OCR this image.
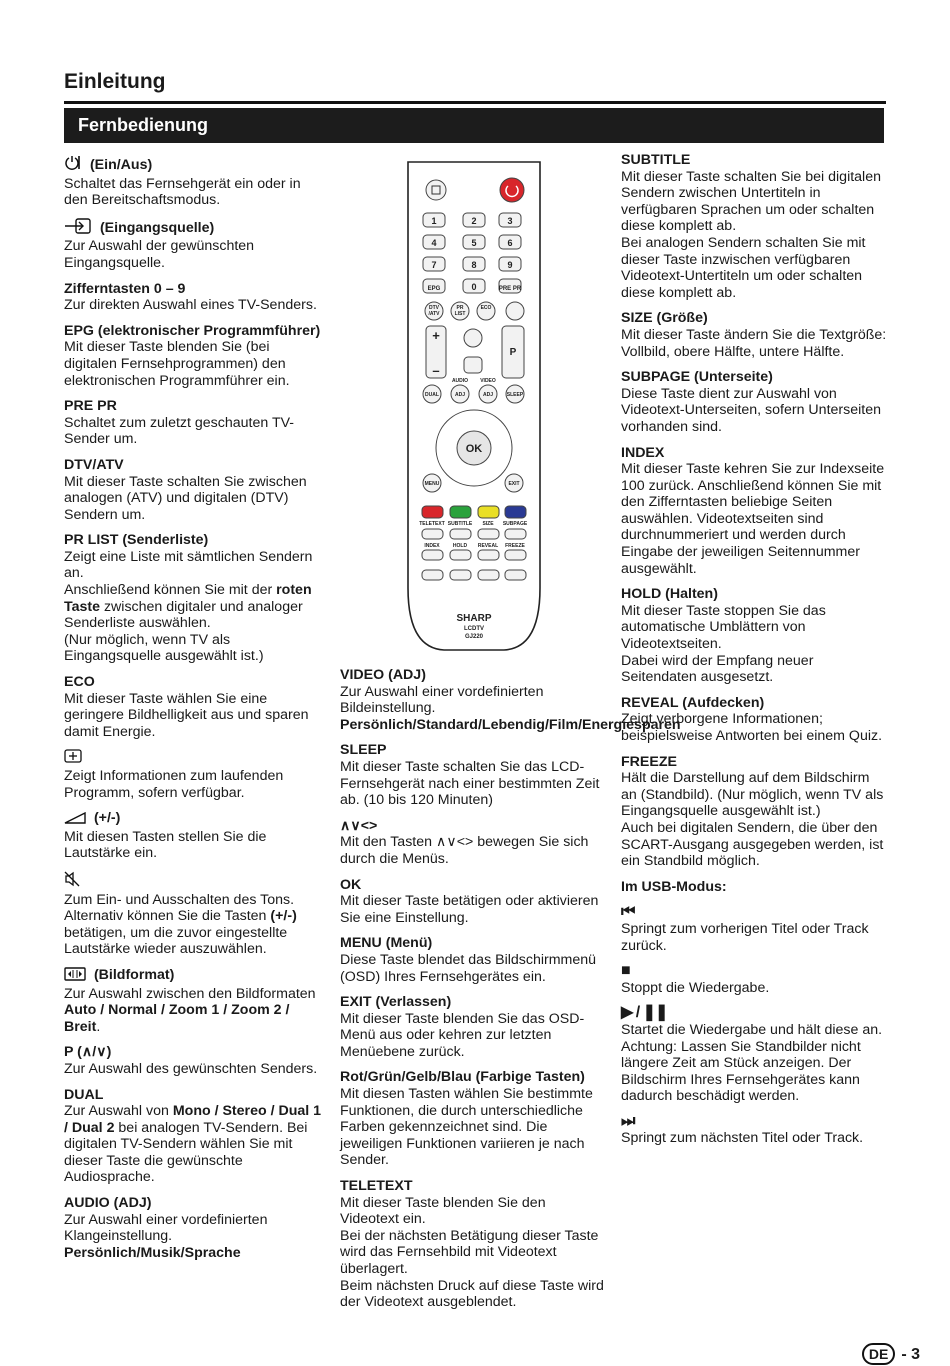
Einleitung
Fernbedienung
(Ein/Aus)
Schaltet das Fernsehgerät ein oder in den Bereitschaftsmodus.
(Eingangsquelle)
Zur Auswahl der gewünschten Eingangsquelle.
Zifferntasten 0 – 9
Zur direkten Auswahl eines TV-Senders.
EPG (elektronischer Programmführer)
Mit dieser Taste blenden Sie (bei digitalen Fernsehprogrammen) den elektronischen Programmführer ein.
PRE PR
Schaltet zum zuletzt geschauten TV-Sender um.
DTV/ATV
Mit dieser Taste schalten Sie zwischen analogen (ATV) und digitalen (DTV) Sendern um.
PR LIST (Senderliste)
Zeigt eine Liste mit sämtlichen Sendern an.
Anschließend können Sie mit der roten Taste zwischen digitaler und analoger Senderliste auswählen.
(Nur möglich, wenn TV als Eingangsquelle ausgewählt ist.)
ECO
Mit dieser Taste wählen Sie eine geringere Bildhelligkeit aus und sparen damit Energie.
Zeigt Informationen zum laufenden Programm, sofern verfügbar.
(+/-)
Mit diesen Tasten stellen Sie die Lautstärke ein.
Zum Ein- und Ausschalten des Tons. Alternativ können Sie die Tasten (+/-) betätigen, um die zuvor eingestellte Lautstärke wieder auszuwählen.
(Bildformat)
Zur Auswahl zwischen den Bildformaten Auto / Normal / Zoom 1 / Zoom 2 / Breit.
P (∧/∨)
Zur Auswahl des gewünschten Senders.
DUAL
Zur Auswahl von Mono / Stereo / Dual 1 / Dual 2 bei analogen TV-Sendern. Bei digitalen TV-Sendern wählen Sie mit dieser Taste die gewünschte Audiosprache.
AUDIO (ADJ)
Zur Auswahl einer vordefinierten Klangeinstellung.
Persönlich/Musik/Sprache
VIDEO (ADJ)
Zur Auswahl einer vordefinierten Bildeinstellung.
Persönlich/Standard/Lebendig/Film/Energiesparen
SLEEP
Mit dieser Taste schalten Sie das LCD-Fernsehgerät nach einer bestimmten Zeit ab. (10 bis 120 Minuten)
∧∨<>
Mit den Tasten ∧∨<> bewegen Sie sich durch die Menüs.
OK
Mit dieser Taste betätigen oder aktivieren Sie eine Einstellung.
MENU (Menü)
Diese Taste blendet das Bildschirmmenü (OSD) Ihres Fernsehgerätes ein.
EXIT (Verlassen)
Mit dieser Taste blenden Sie das OSD-Menü aus oder kehren zur letzten Menüebene zurück.
Rot/Grün/Gelb/Blau (Farbige Tasten)
Mit diesen Tasten wählen Sie bestimmte Funktionen, die durch unterschiedliche Farben gekennzeichnet sind. Die jeweiligen Funktionen variieren je nach Sender.
TELETEXT
Mit dieser Taste blenden Sie den Videotext ein.
Bei der nächsten Betätigung dieser Taste wird das Fernsehbild mit Videotext überlagert.
Beim nächsten Druck auf diese Taste wird der Videotext ausgeblendet.
SUBTITLE
Mit dieser Taste schalten Sie bei digitalen Sendern zwischen Untertiteln in verfügbaren Sprachen um oder schalten diese komplett ab.
Bei analogen Sendern schalten Sie mit dieser Taste inzwischen verfügbaren Videotext-Untertiteln um oder schalten diese komplett ab.
SIZE (Größe)
Mit dieser Taste ändern Sie die Textgröße: Vollbild, obere Hälfte, untere Hälfte.
SUBPAGE (Unterseite)
Diese Taste dient zur Auswahl von Videotext-Unterseiten, sofern Unterseiten vorhanden sind.
INDEX
Mit dieser Taste kehren Sie zur Indexseite 100 zurück. Anschließend können Sie mit den Zifferntasten beliebige Seiten auswählen. Videotextseiten sind durchnummeriert und werden durch Eingabe der jeweiligen Seitennummer ausgewählt.
HOLD (Halten)
Mit dieser Taste stoppen Sie das automatische Umblättern von Videotextseiten.
Dabei wird der Empfang neuer Seitendaten ausgesetzt.
REVEAL (Aufdecken)
Zeigt verborgene Informationen; beispielsweise Antworten bei einem Quiz.
FREEZE
Hält die Darstellung auf dem Bildschirm an (Standbild). (Nur möglich, wenn TV als Eingangsquelle ausgewählt ist.)
Auch bei digitalen Sendern, die über den SCART-Ausgang ausgegeben werden, ist ein Standbild möglich.
Im USB-Modus:
⏮
Springt zum vorherigen Titel oder Track zurück.
■
Stoppt die Wiedergabe.
▶ / ❚❚
Startet die Wiedergabe und hält diese an.
Achtung: Lassen Sie Standbilder nicht längere Zeit am Stück anzeigen. Der Bildschirm Ihres Fernsehgerätes kann dadurch beschädigt werden.
⏭
Springt zum nächsten Titel oder Track.
1	2	3
4	5	6
7	8	9
EPG	0	PRE PR
DTV
/ATV
PR
LIST
ECO
+
–
P
AUDIO VIDEO
DUAL	ADJ	ADJ	SLEEP
OK
MENU	EXIT
TELETEXT
INDEX
SUBTITLE
HOLD
SIZE
REVEAL
SUBPAGE
FREEZE
SHARP
LCDTV
GJ220
DE - 3
